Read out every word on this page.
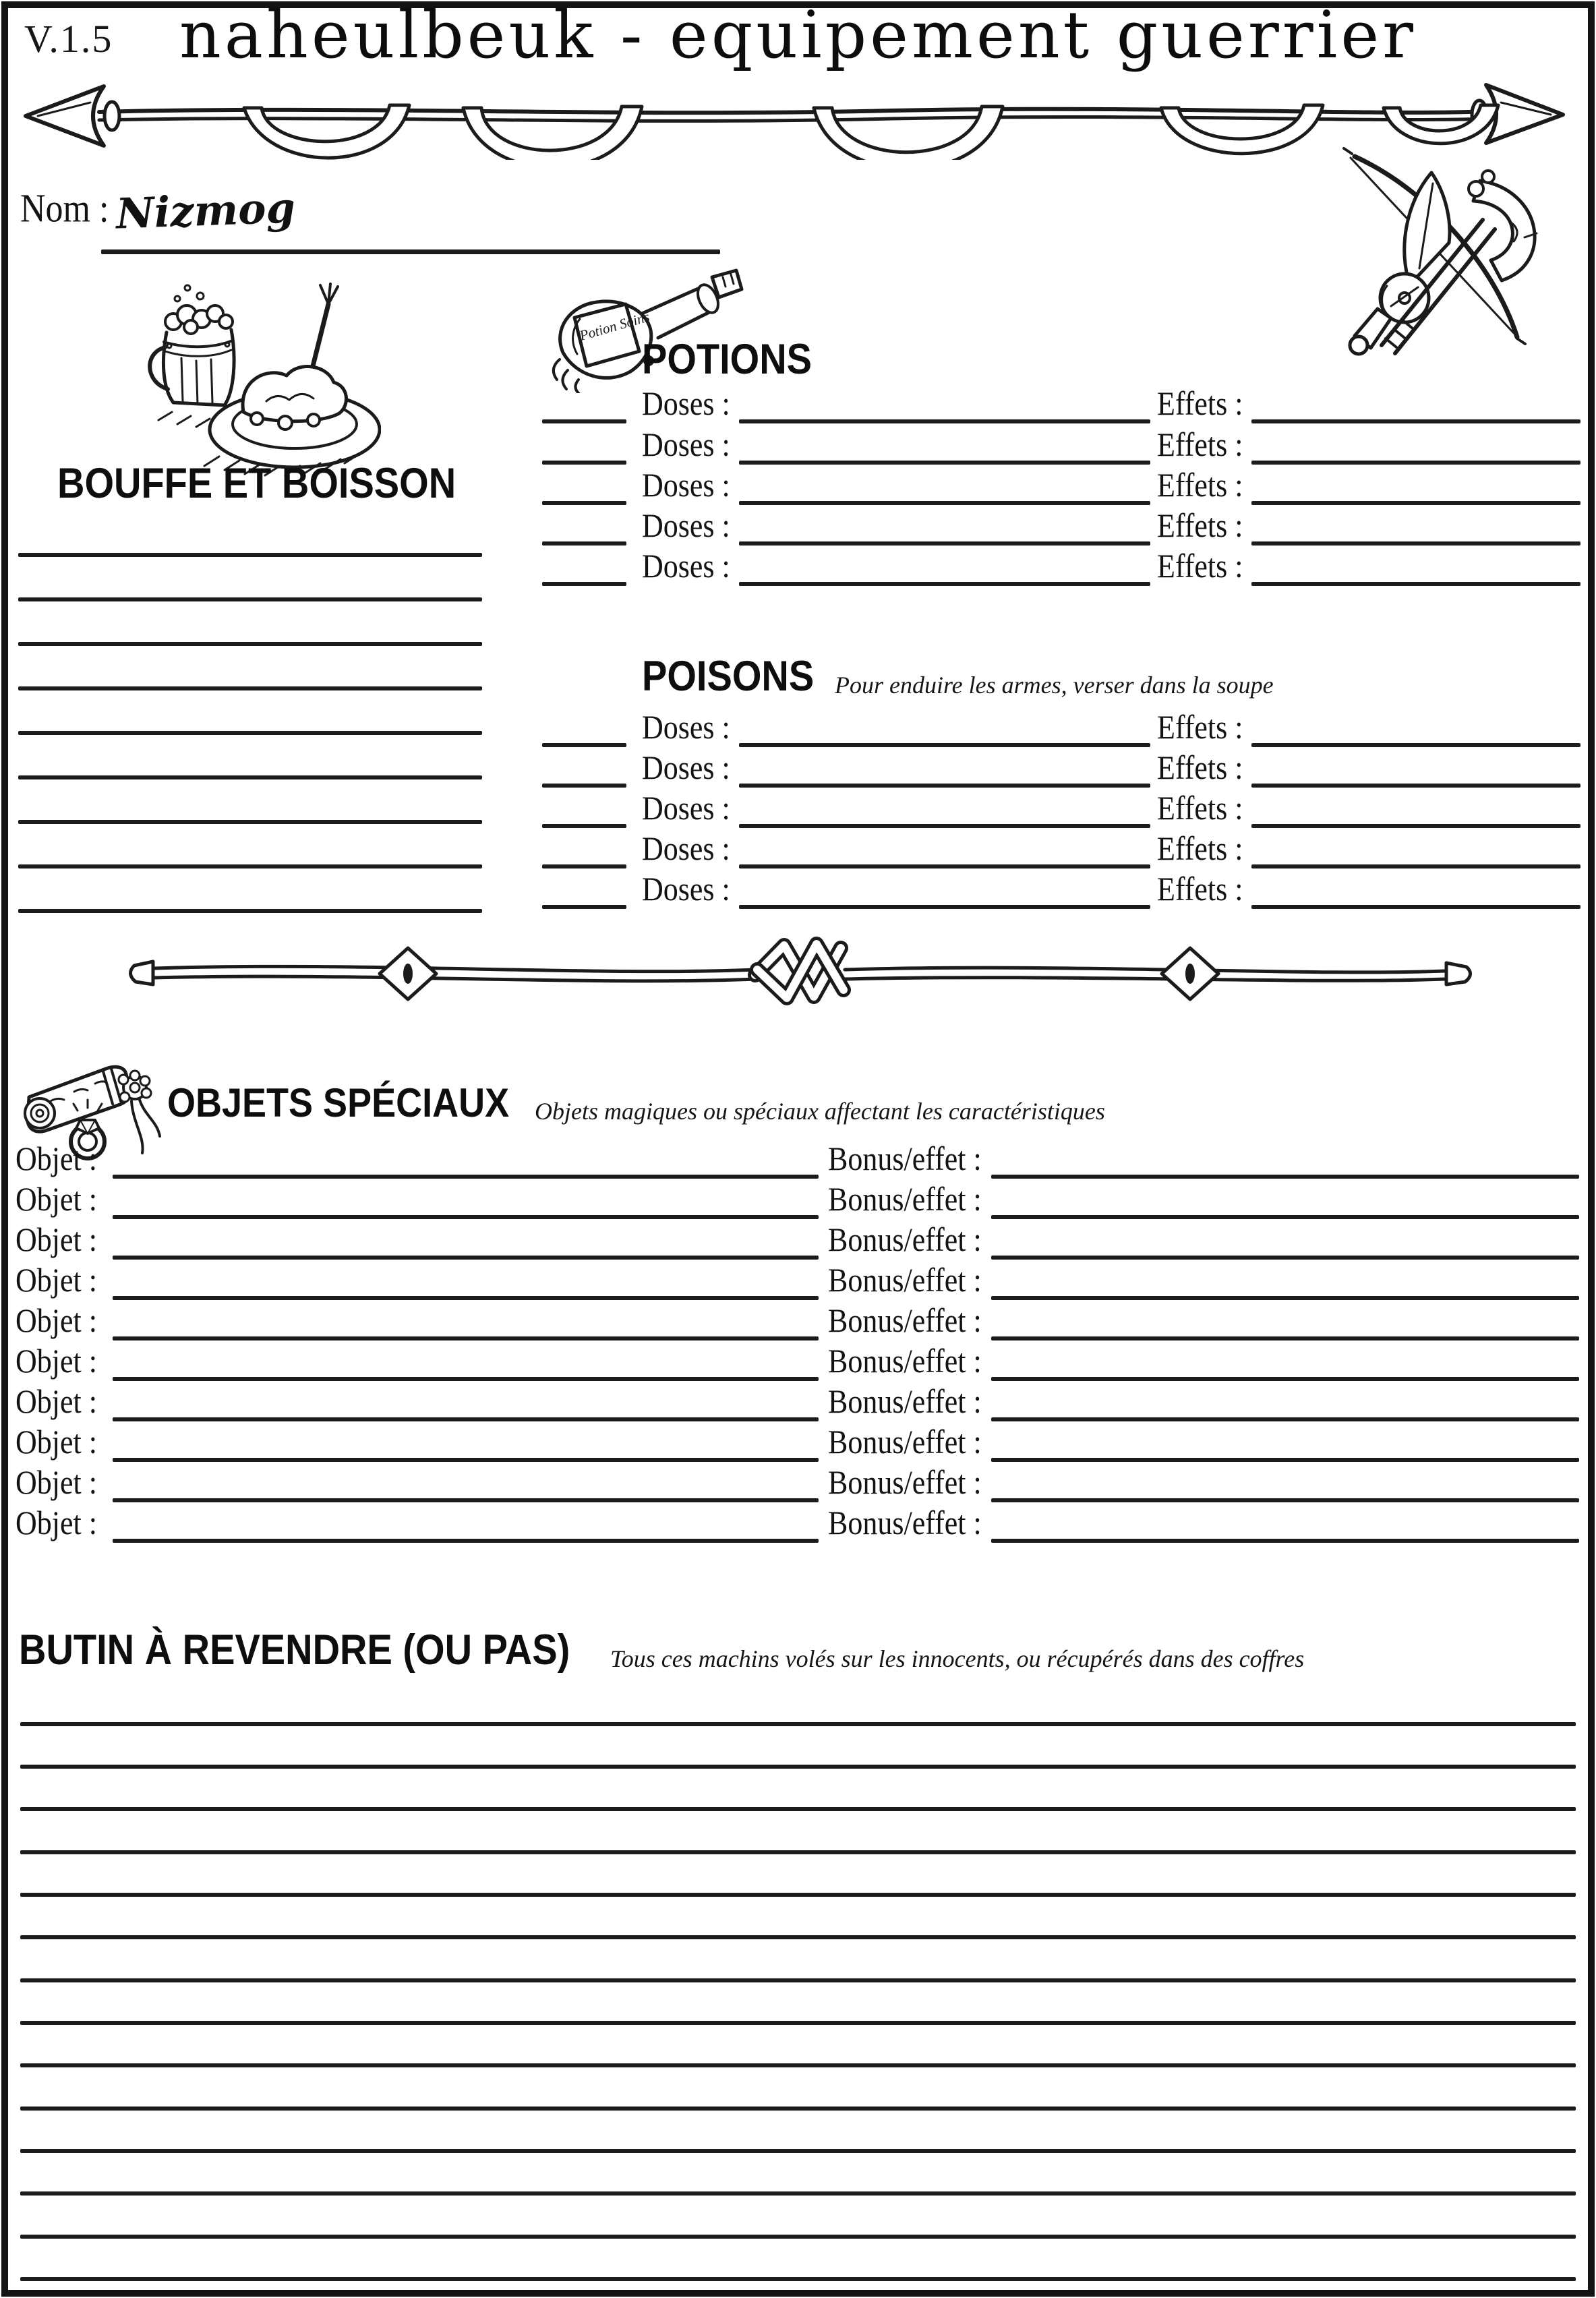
V.1.5 naheulbeuk - equipement guerrier
Nom : Nizmog
BOUFFE ET BOISSON
Potion Soins
POTIONS
Doses :	Effets :
Doses :	Effets :
Doses :	Effets :
Doses :	Effets :
Doses :	Effets :
POISONS Pour enduire les armes, verser dans la soupe
Doses :	Effets :
Doses :	Effets :
Doses :	Effets :
Doses :	Effets :
Doses :	Effets :
OBJETS SPÉCIAUX Objets magiques ou spéciaux affectant les caractéristiques
Objet :	Bonus/effet :
Objet :	Bonus/effet :
Objet :	Bonus/effet :
Objet :	Bonus/effet :
Objet :	Bonus/effet :
Objet :	Bonus/effet :
Objet :	Bonus/effet :
Objet :	Bonus/effet :
Objet :	Bonus/effet :
Objet :	Bonus/effet :
BUTIN À REVENDRE (OU PAS) Tous ces machins volés sur les innocents, ou récupérés dans des coffres
